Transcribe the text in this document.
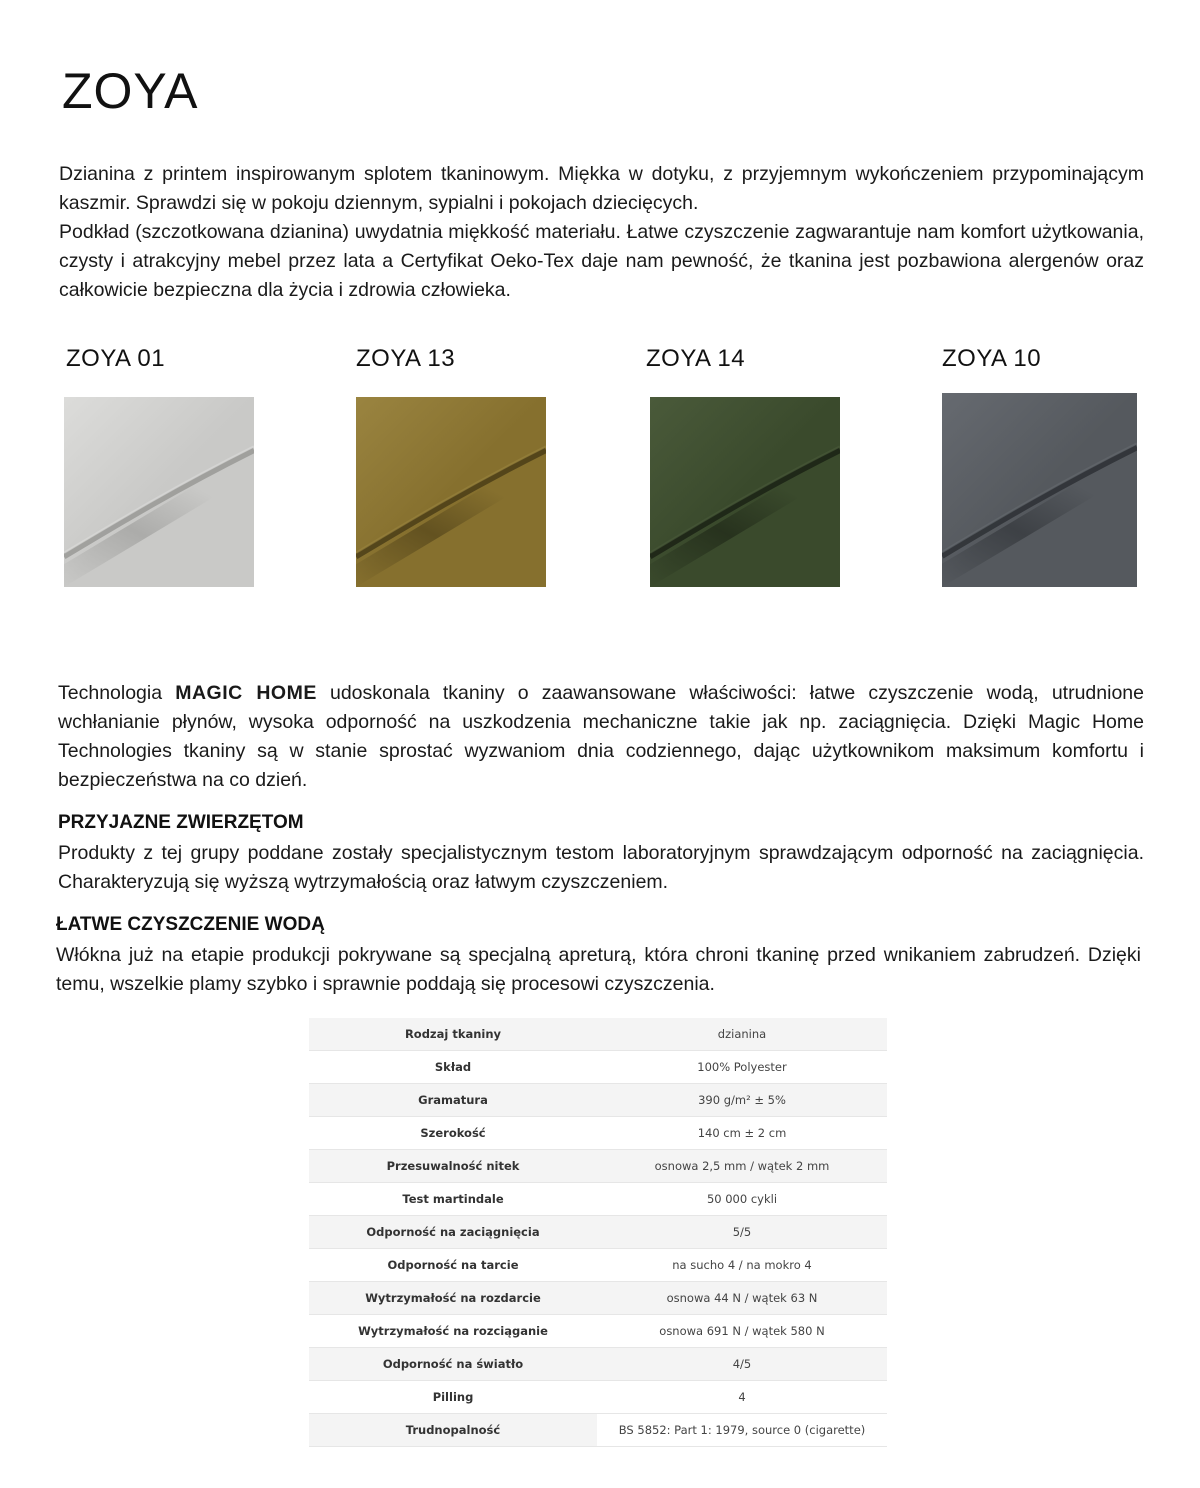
ZOYA

Dzianina z printem inspirowanym splotem tkaninowym. Miękka w dotyku, z przyjemnym wykończeniem przypominającym kaszmir. Sprawdzi się w pokoju dziennym, sypialni i pokojach dziecięcych.

Podkład (szczotkowana dzianina) uwydatnia miękkość materiału. Łatwe czyszczenie zagwarantuje nam komfort użytkowania, czysty i atrakcyjny mebel przez lata a Certyfikat Oeko-Tex daje nam pewność, że tkanina jest pozbawiona alergenów oraz całkowicie bezpieczna dla życia i zdrowia człowieka.

ZOYA 01	ZOYA 13	ZOYA 14	ZOYA 10

Technologia MAGIC HOME udoskonala tkaniny o zaawansowane właściwości: łatwe czyszczenie wodą, utrudnione wchłanianie płynów, wysoka odporność na uszkodzenia mechaniczne takie jak np. zaciągnięcia. Dzięki Magic Home Technologies tkaniny są w stanie sprostać wyzwaniom dnia codziennego, dając użytkownikom maksimum komfortu i bezpieczeństwa na co dzień.

PRZYJAZNE ZWIERZĘTOM

Produkty z tej grupy poddane zostały specjalistycznym testom laboratoryjnym sprawdzającym odporność na zaciągnięcia. Charakteryzują się wyższą wytrzymałością oraz łatwym czyszczeniem.

ŁATWE CZYSZCZENIE WODĄ

Włókna już na etapie produkcji pokrywane są specjalną apreturą, która chroni tkaninę przed wnikaniem zabrudzeń. Dzięki temu, wszelkie plamy szybko i sprawnie poddają się procesowi czyszczenia.

Rodzaj tkaniny	dzianina
Skład	100% Polyester
Gramatura	390 g/m² ± 5%
Szerokość	140 cm ± 2 cm
Przesuwalność nitek	osnowa 2,5 mm / wątek 2 mm
Test martindale	50 000 cykli
Odporność na zaciągnięcia	5/5
Odporność na tarcie	na sucho 4 / na mokro 4
Wytrzymałość na rozdarcie	osnowa 44 N / wątek 63 N
Wytrzymałość na rozciąganie	osnowa 691 N / wątek 580 N
Odporność na światło	4/5
Pilling	4
Trudnopalność	BS 5852: Part 1: 1979, source 0 (cigarette)
